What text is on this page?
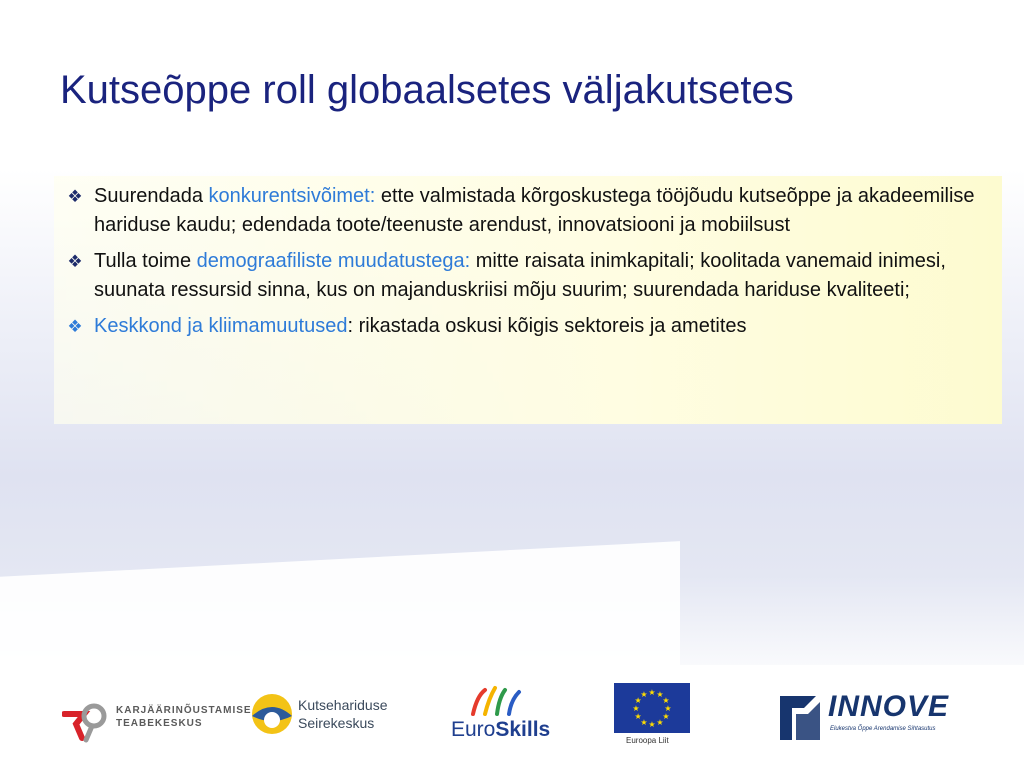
Kutseõppe roll globaalsetes väljakutsetes
❖ Suurendada konkurentsivõimet: ette valmistada kõrgoskustega tööjõudu kutseõppe ja akadeemilise hariduse kaudu; edendada toote/teenuste arendust, innovatsiooni ja mobiilsust
❖ Tulla toime demograafiliste muudatustega: mitte raisata inimkapitali; koolitada vanemaid inimesi, suunata ressursid sinna, kus on majanduskriisi mõju suurim; suurendada hariduse kvaliteeti;
❖ Keskkond ja kliimamuutused: rikastada oskusi kõigis sektoreis ja ametites
KARJÄÄRINÕUSTAMISE
TEABEKESKUS
Kutsehariduse
Seirekeskus	EuroSkills
★ ★
★
★
★
★
★
★
★
★
★
★
Euroopa Liit
INNOVE
Elukestva Õppe Arendamise Sihtasutus
